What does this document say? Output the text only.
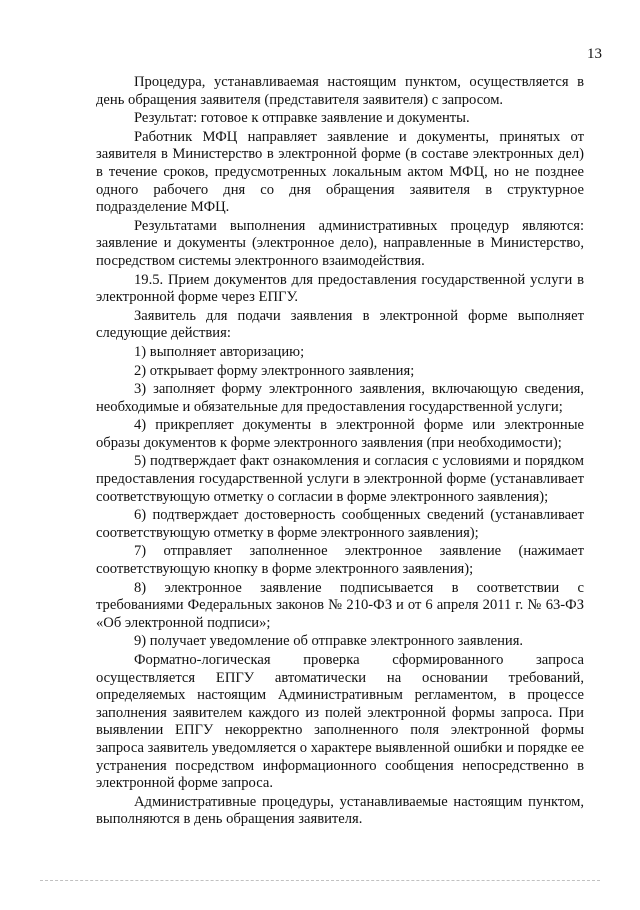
13

Процедура, устанавливаемая настоящим пунктом, осуществляется в день обращения заявителя (представителя заявителя) с запросом.

Результат: готовое к отправке заявление и документы.

Работник МФЦ направляет заявление и документы, принятых от заявителя в Министерство в электронной форме (в составе электронных дел) в течение сроков, предусмотренных локальным актом МФЦ, но не позднее одного рабочего дня со дня обращения заявителя в структурное подразделение МФЦ.

Результатами выполнения административных процедур являются: заявление и документы (электронное дело), направленные в Министерство, посредством системы электронного взаимодействия.

19.5. Прием документов для предоставления государственной услуги в электронной форме через ЕПГУ.

Заявитель для подачи заявления в электронной форме выполняет следующие действия:

1) выполняет авторизацию;

2) открывает форму электронного заявления;

3) заполняет форму электронного заявления, включающую сведения, необходимые и обязательные для предоставления государственной услуги;

4) прикрепляет документы в электронной форме или электронные образы документов к форме электронного заявления (при необходимости);

5) подтверждает факт ознакомления и согласия с условиями и порядком предоставления государственной услуги в электронной форме (устанавливает соответствующую отметку о согласии в форме электронного заявления);

6) подтверждает достоверность сообщенных сведений (устанавливает соответствующую отметку в форме электронного заявления);

7) отправляет заполненное электронное заявление (нажимает соответствующую кнопку в форме электронного заявления);

8) электронное заявление подписывается в соответствии с требованиями Федеральных законов № 210-ФЗ и от 6 апреля 2011 г. № 63-ФЗ «Об электронной подписи»;

9) получает уведомление об отправке электронного заявления.

Форматно-логическая проверка сформированного запроса осуществляется ЕПГУ автоматически на основании требований, определяемых настоящим Административным регламентом, в процессе заполнения заявителем каждого из полей электронной формы запроса. При выявлении ЕПГУ некорректно заполненного поля электронной формы запроса заявитель уведомляется о характере выявленной ошибки и порядке ее устранения посредством информационного сообщения непосредственно в электронной форме запроса.

Административные процедуры, устанавливаемые настоящим пунктом, выполняются в день обращения заявителя.
